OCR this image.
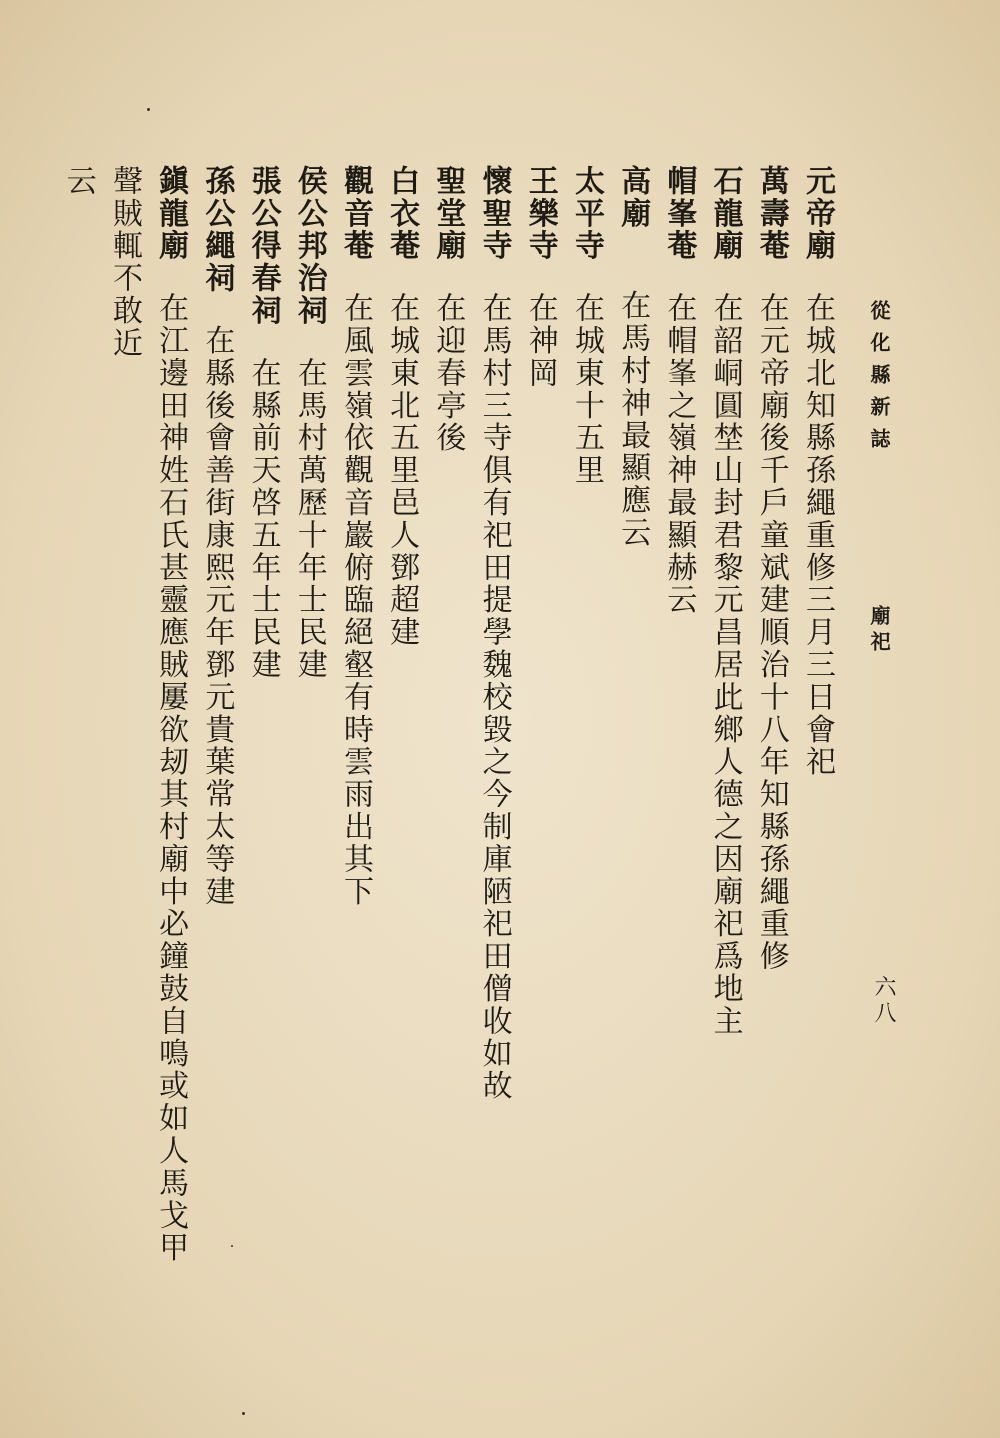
從化縣新誌
廟祀
六八
元帝廟在城北知縣孫繩重修三月三日會祀
萬壽菴在元帝廟後千戶童斌建順治十八年知縣孫繩重修
石龍廟在韶峒圓埜山封君黎元昌居此鄉人德之因廟祀爲地主
帽峯菴在帽峯之嶺神最顯赫云
高廟在馬村神最顯應云
太平寺在城東十五里
王樂寺在神岡
懷聖寺在馬村三寺俱有祀田提學魏校毀之今制庫陋祀田僧收如故
聖堂廟在迎春亭後
白衣菴在城東北五里邑人鄧超建
觀音菴在風雲嶺依觀音巖俯臨絕壑有時雲雨出其下
侯公邦治祠在馬村萬歷十年士民建
張公得春祠在縣前天啓五年士民建
孫公繩祠在縣後會善街康熙元年鄧元貴葉常太等建
鎭龍廟在江邊田神姓石氏甚靈應賊屢欲刼其村廟中必鐘鼓自鳴或如人馬戈甲聲賊輒不敢近
云
